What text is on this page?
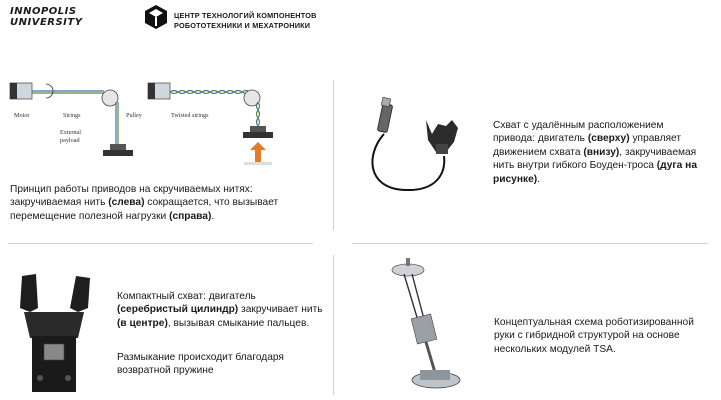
INNOPOLIS
UNIVERSITY
ЦЕНТР ТЕХНОЛОГИЙ КОМПОНЕНТОВ
РОБОТОТЕХНИКИ И МЕХАТРОНИКИ
Motor	Strings	Pulley
External
payload
Twisted strings
Принцип работы приводов на скручиваемых нитях: закручиваемая нить (слева) сокращается, что вызывает перемещение полезной нагрузки (справа).
Схват с удалённым расположением привода: двигатель (сверху) управляет движением схвата (внизу), закручиваемая нить внутри гибкого Боуден-троса (дуга на рисунке).
Компактный схват: двигатель (серебристый цилиндр) закручивает нить (в центре), вызывая смыкание пальцев.
Размыкание происходит благодаря возвратной пружине
Концептуальная схема роботизированной руки с гибридной структурой на основе нескольких модулей TSA.
